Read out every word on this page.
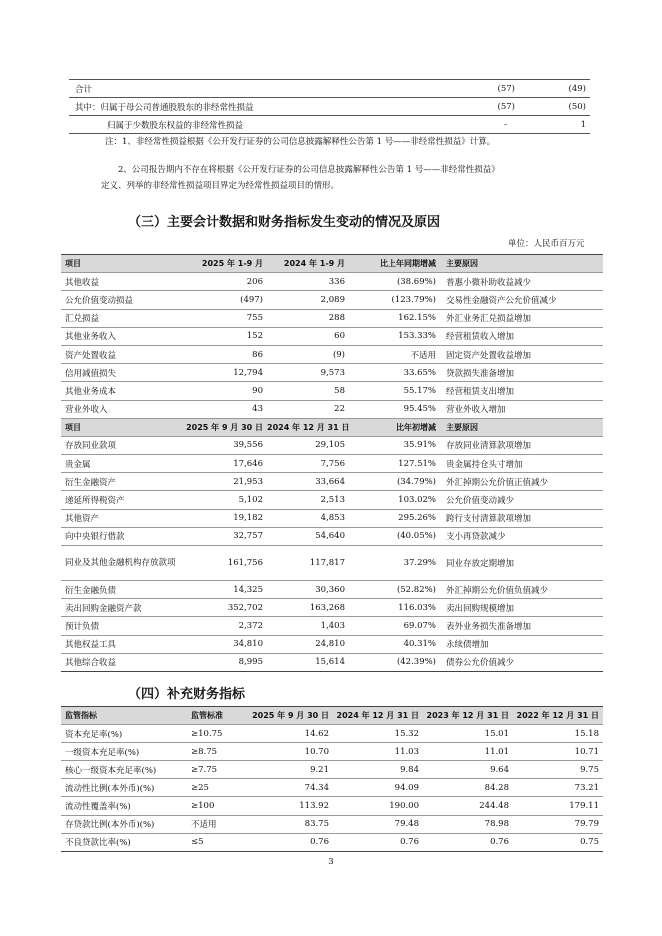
合计	(57)	(49)
其中：归属于母公司普通股股东的非经常性损益	(57)	(50)
归属于少数股东权益的非经常性损益	-	1

注：1、非经常性损益根据《公开发行证券的公司信息披露解释性公告第 1 号——非经常性损益》计算。

2、公司报告期内不存在将根据《公开发行证券的公司信息披露解释性公告第 1 号——非经常性损益》

定义、列举的非经常性损益项目界定为经常性损益项目的情形。

（三）主要会计数据和财务指标发生变动的情况及原因

单位：人民币百万元

项目	2025 年 1-9 月	2024 年 1-9 月	比上年同期增减	主要原因
其他收益	206	336	(38.69%)	普惠小微补助收益减少
公允价值变动损益	(497)	2,089	(123.79%)	交易性金融资产公允价值减少
汇兑损益	755	288	162.15%	外汇业务汇兑损益增加
其他业务收入	152	60	153.33%	经营租赁收入增加
资产处置收益	86	(9)	不适用	固定资产处置收益增加
信用减值损失	12,794	9,573	33.65%	贷款损失准备增加
其他业务成本	90	58	55.17%	经营租赁支出增加
营业外收入	43	22	95.45%	营业外收入增加
项目	2025 年 9 月 30 日	2024 年 12 月 31 日	比年初增减	主要原因
存放同业款项	39,556	29,105	35.91%	存放同业清算款项增加
贵金属	17,646	7,756	127.51%	贵金属持仓头寸增加
衍生金融资产	21,953	33,664	(34.79%)	外汇掉期公允价值正值减少
递延所得税资产	5,102	2,513	103.02%	公允价值变动减少
其他资产	19,182	4,853	295.26%	跨行支付清算款项增加
向中央银行借款	32,757	54,640	(40.05%)	支小再贷款减少
同业及其他金融机构存放款项	161,756	117,817	37.29%	同业存放定期增加
衍生金融负债	14,325	30,360	(52.82%)	外汇掉期公允价值负值减少
卖出回购金融资产款	352,702	163,268	116.03%	卖出回购规模增加
预计负债	2,372	1,403	69.07%	表外业务损失准备增加
其他权益工具	34,810	24,810	40.31%	永续债增加
其他综合收益	8,995	15,614	(42.39%)	债券公允价值减少
（四）补充财务指标
监管指标	监管标准	2025 年 9 月 30 日	2024 年 12 月 31 日	2023 年 12 月 31 日	2022 年 12 月 31 日
资本充足率(%)	≥10.75	14.62	15.32	15.01	15.18
一级资本充足率(%)	≥8.75	10.70	11.03	11.01	10.71
核心一级资本充足率(%)	≥7.75	9.21	9.84	9.64	9.75
流动性比例(本外币)(%)	≥25	74.34	94.09	84.28	73.21
流动性覆盖率(%)	≥100	113.92	190.00	244.48	179.11
存贷款比例(本外币)(%)	不适用	83.75	79.48	78.98	79.79
不良贷款比率(%)	≤5	0.76	0.76	0.76	0.75

3
